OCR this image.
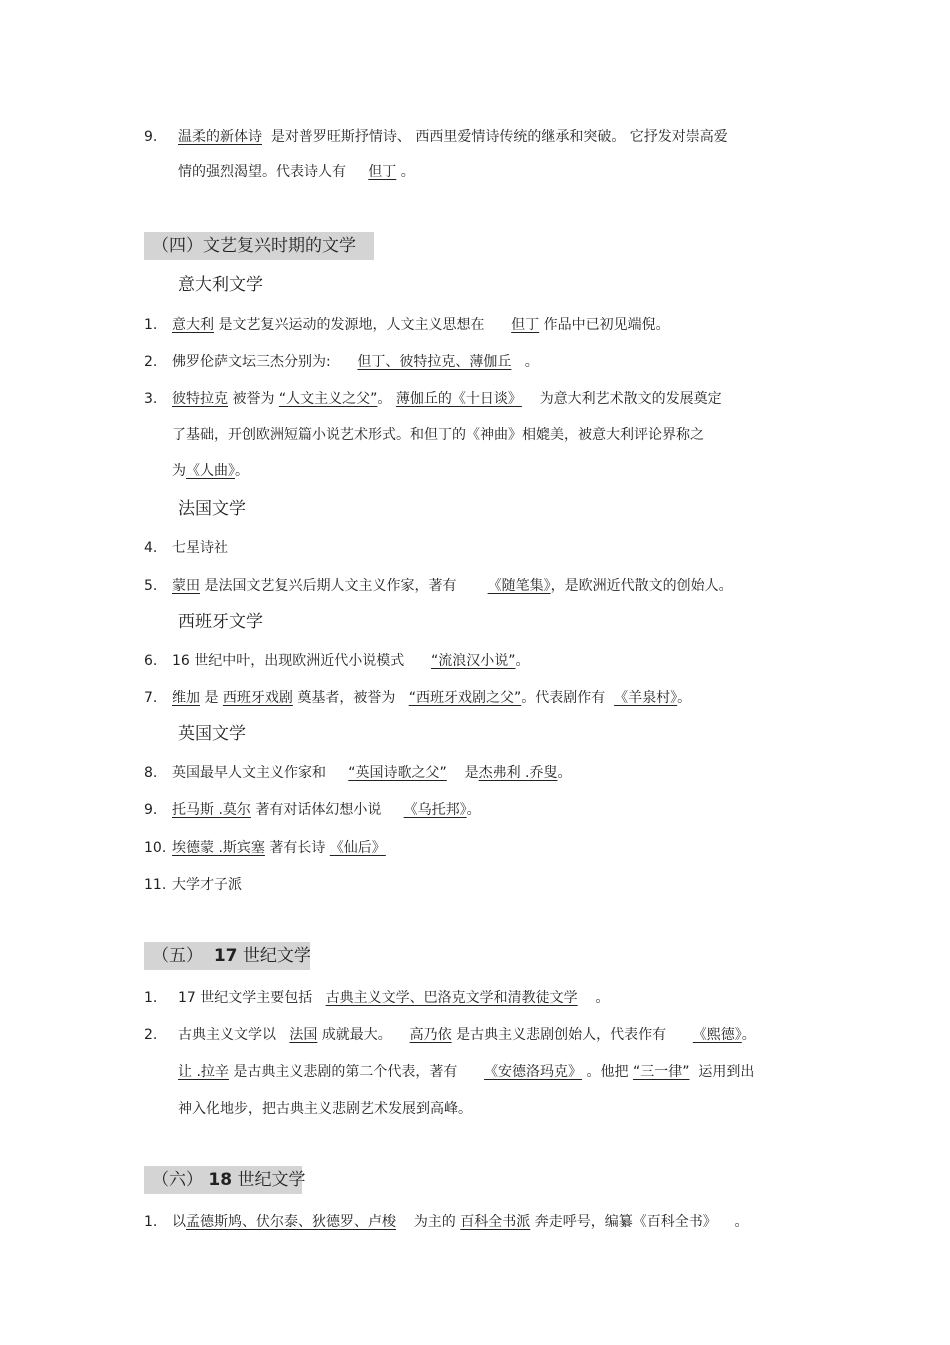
9.	温柔的新体诗 是对普罗旺斯抒情诗、 西西里爱情诗传统的继承和突破。 它抒发对崇高爱
情的强烈渴望。代表诗人有 但丁 。
（四）文艺复兴时期的文学
意大利文学
1.	意大利 是文艺复兴运动的发源地，人文主义思想在 但丁 作品中已初见端倪。
2.	佛罗伦萨文坛三杰分别为: 但丁、彼特拉克、薄伽丘 。
3.	彼特拉克 被誉为 “人文主义之父”。 薄伽丘的《十日谈》 为意大利艺术散文的发展奠定
了基础，开创欧洲短篇小说艺术形式。和但丁的《神曲》相媲美，被意大利评论界称之
为《人曲》。
法国文学
4.	七星诗社
5.	蒙田 是法国文艺复兴后期人文主义作家，著有 《随笔集》，是欧洲近代散文的创始人。
西班牙文学
6.	16 世纪中叶，出现欧洲近代小说模式 “流浪汉小说”。
7.	维加 是 西班牙戏剧 奠基者，被誉为 “西班牙戏剧之父”。代表剧作有 《羊泉村》。
英国文学
8.	英国最早人文主义作家和 “英国诗歌之父” 是杰弗利 .乔叟。
9.	托马斯 .莫尔 著有对话体幻想小说 《乌托邦》。
10. 埃德蒙 .斯宾塞 著有长诗 《仙后》
11. 大学才子派
（五） 17 世纪文学
1.	17 世纪文学主要包括 古典主义文学、巴洛克文学和清教徒文学 。
2.	古典主义文学以 法国 成就最大。 高乃依 是古典主义悲剧创始人，代表作有 《熙德》。
让 .拉辛 是古典主义悲剧的第二个代表，著有 《安德洛玛克》 。他把 “三一律” 运用到出
神入化地步，把古典主义悲剧艺术发展到高峰。
（六） 18 世纪文学
1.	以孟德斯鸠、伏尔泰、狄德罗、卢梭 为主的 百科全书派 奔走呼号，编纂《百科全书》 。
